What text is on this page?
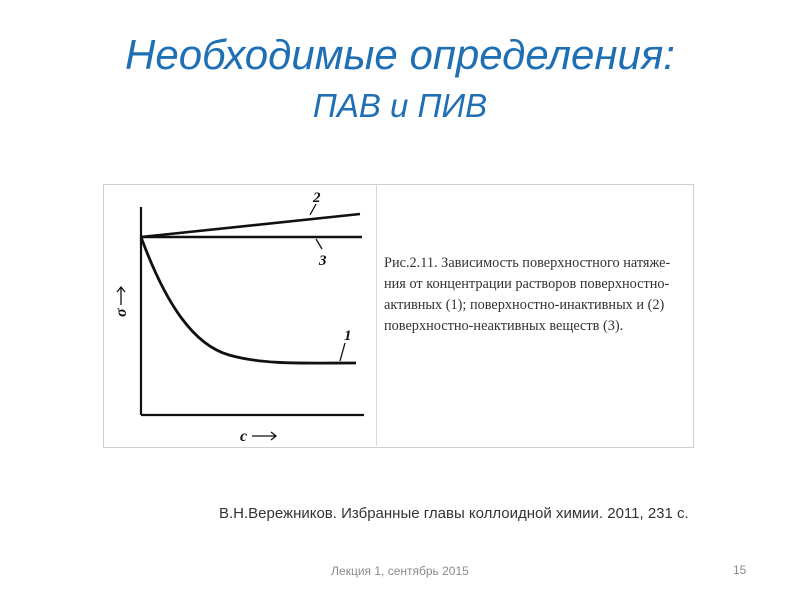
Необходимые определения:
ПАВ и ПИВ
2
3
1
σ
c
Рис.2.11. Зависимость поверхностного натяже-
ния от концентрации растворов поверхностно-
активных (1); поверхностно-инактивных и (2)
поверхностно-неактивных веществ (3).
В.Н.Вережников. Избранные главы коллоидной химии. 2011, 231 с.
Лекция 1, сентябрь 2015	15
